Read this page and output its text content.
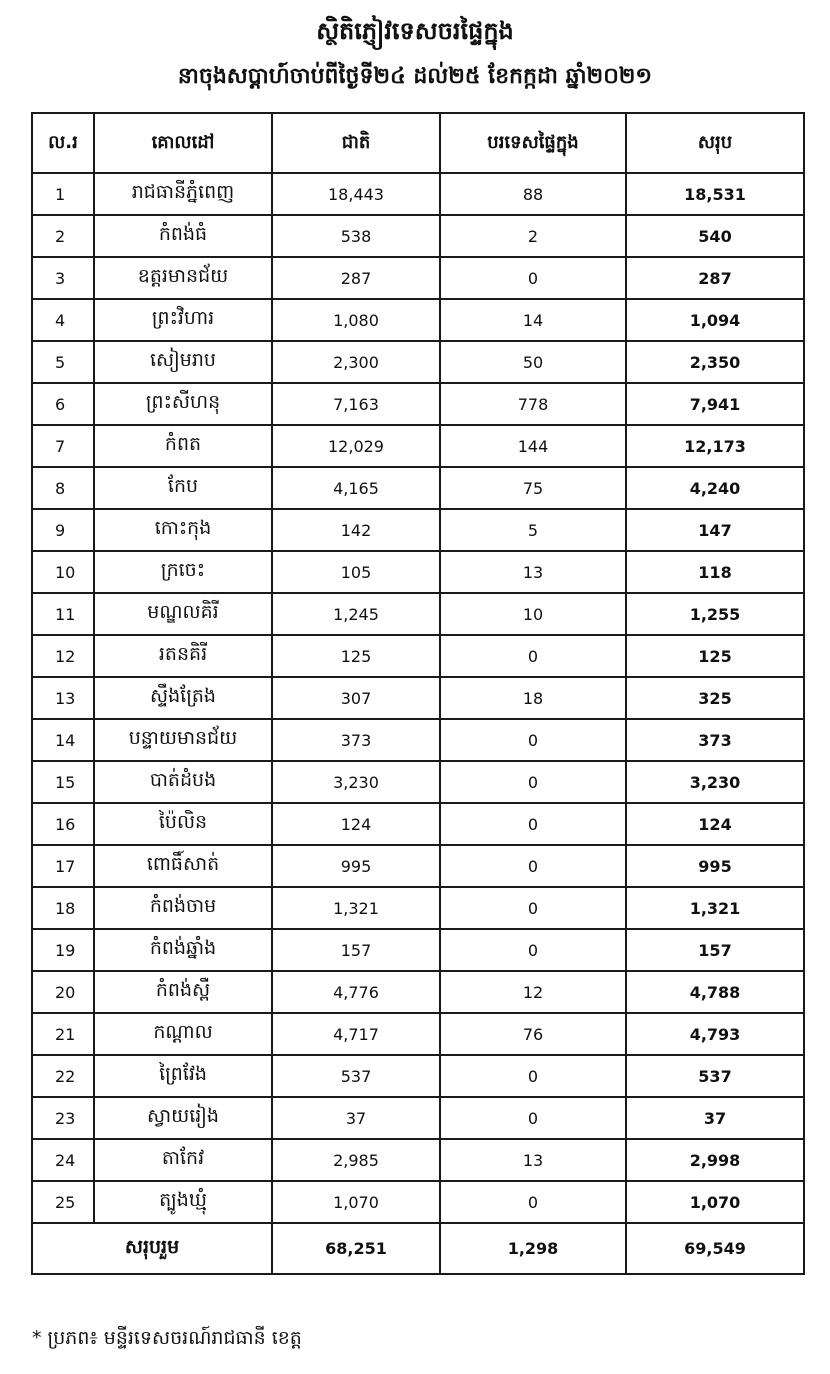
ស្ថិតិភ្ញៀវទេសចរផ្ទៃក្នុង
នាចុងសប្តាហ៍ចាប់ពីថ្ងៃទី២៤ ដល់២៥ ខែកក្កដា ឆ្នាំ២០២១
ល.រ	គោលដៅ	ជាតិ	បរទេសផ្ទៃក្នុង	សរុប
1	រាជធានីភ្នំពេញ	18,443	88	18,531
2	កំពង់ធំ	538	2	540
3	ឧត្តរមានជ័យ	287	0	287
4	ព្រះវិហារ	1,080	14	1,094
5	សៀមរាប	2,300	50	2,350
6	ព្រះសីហនុ	7,163	778	7,941
7	កំពត	12,029	144	12,173
8	កែប	4,165	75	4,240
9	កោះកុង	142	5	147
10	ក្រចេះ	105	13	118
11	មណ្ឌលគិរី	1,245	10	1,255
12	រតនគិរី	125	0	125
13	ស្ទឹងត្រែង	307	18	325
14	បន្ទាយមានជ័យ	373	0	373
15	បាត់ដំបង	3,230	0	3,230
16	ប៉ៃលិន	124	0	124
17	ពោធិ៍សាត់	995	0	995
18	កំពង់ចាម	1,321	0	1,321
19	កំពង់ឆ្នាំង	157	0	157
20	កំពង់ស្ពឺ	4,776	12	4,788
21	កណ្តាល	4,717	76	4,793
22	ព្រៃវែង	537	0	537
23	ស្វាយរៀង	37	0	37
24	តាកែវ	2,985	13	2,998
25	ត្បូងឃ្មុំ	1,070	0	1,070
សរុបរួម		68,251	1,298	69,549
* ប្រភព៖ មន្ទីរទេសចរណ៍រាជធានី ខេត្ត
